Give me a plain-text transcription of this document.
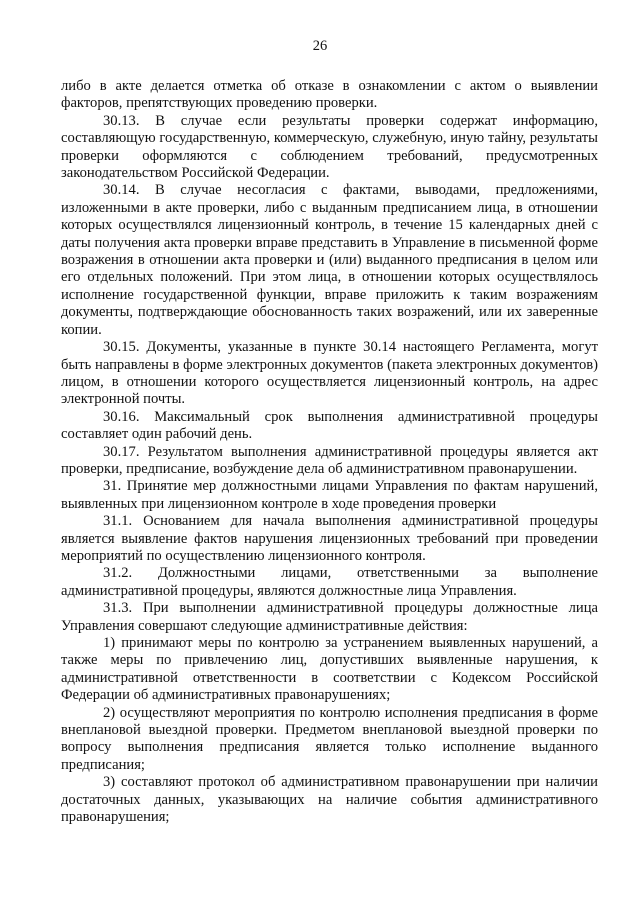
26

либо в акте делается отметка об отказе в ознакомлении с актом о выявлении факторов, препятствующих проведению проверки.

30.13. В случае если результаты проверки содержат информацию, составляющую государственную, коммерческую, служебную, иную тайну, результаты проверки оформляются с соблюдением требований, предусмотренных законодательством Российской Федерации.

30.14. В случае несогласия с фактами, выводами, предложениями, изложенными в акте проверки, либо с выданным предписанием лица, в отношении которых осуществлялся лицензионный контроль, в течение 15 календарных дней с даты получения акта проверки вправе представить в Управление в письменной форме возражения в отношении акта проверки и (или) выданного предписания в целом или его отдельных положений. При этом лица, в отношении которых осуществлялось исполнение государственной функции, вправе приложить к таким возражениям документы, подтверждающие обоснованность таких возражений, или их заверенные копии.

30.15. Документы, указанные в пункте 30.14 настоящего Регламента, могут быть направлены в форме электронных документов (пакета электронных документов) лицом, в отношении которого осуществляется лицензионный контроль, на адрес электронной почты.

30.16. Максимальный срок выполнения административной процедуры составляет один рабочий день.

30.17. Результатом выполнения административной процедуры является акт проверки, предписание, возбуждение дела об административном правонарушении.

31. Принятие мер должностными лицами Управления по фактам нарушений, выявленных при лицензионном контроле в ходе проведения проверки

31.1. Основанием для начала выполнения административной процедуры является выявление фактов нарушения лицензионных требований при проведении мероприятий по осуществлению лицензионного контроля.

31.2. Должностными лицами, ответственными за выполнение административной процедуры, являются должностные лица Управления.

31.3. При выполнении административной процедуры должностные лица Управления совершают следующие административные действия:

1) принимают меры по контролю за устранением выявленных нарушений, а также меры по привлечению лиц, допустивших выявленные нарушения, к административной ответственности в соответствии с Кодексом Российской Федерации об административных правонарушениях;

2) осуществляют мероприятия по контролю исполнения предписания в форме внеплановой выездной проверки. Предметом внеплановой выездной проверки по вопросу выполнения предписания является только исполнение выданного предписания;

3) составляют протокол об административном правонарушении при наличии достаточных данных, указывающих на наличие события административного правонарушения;
